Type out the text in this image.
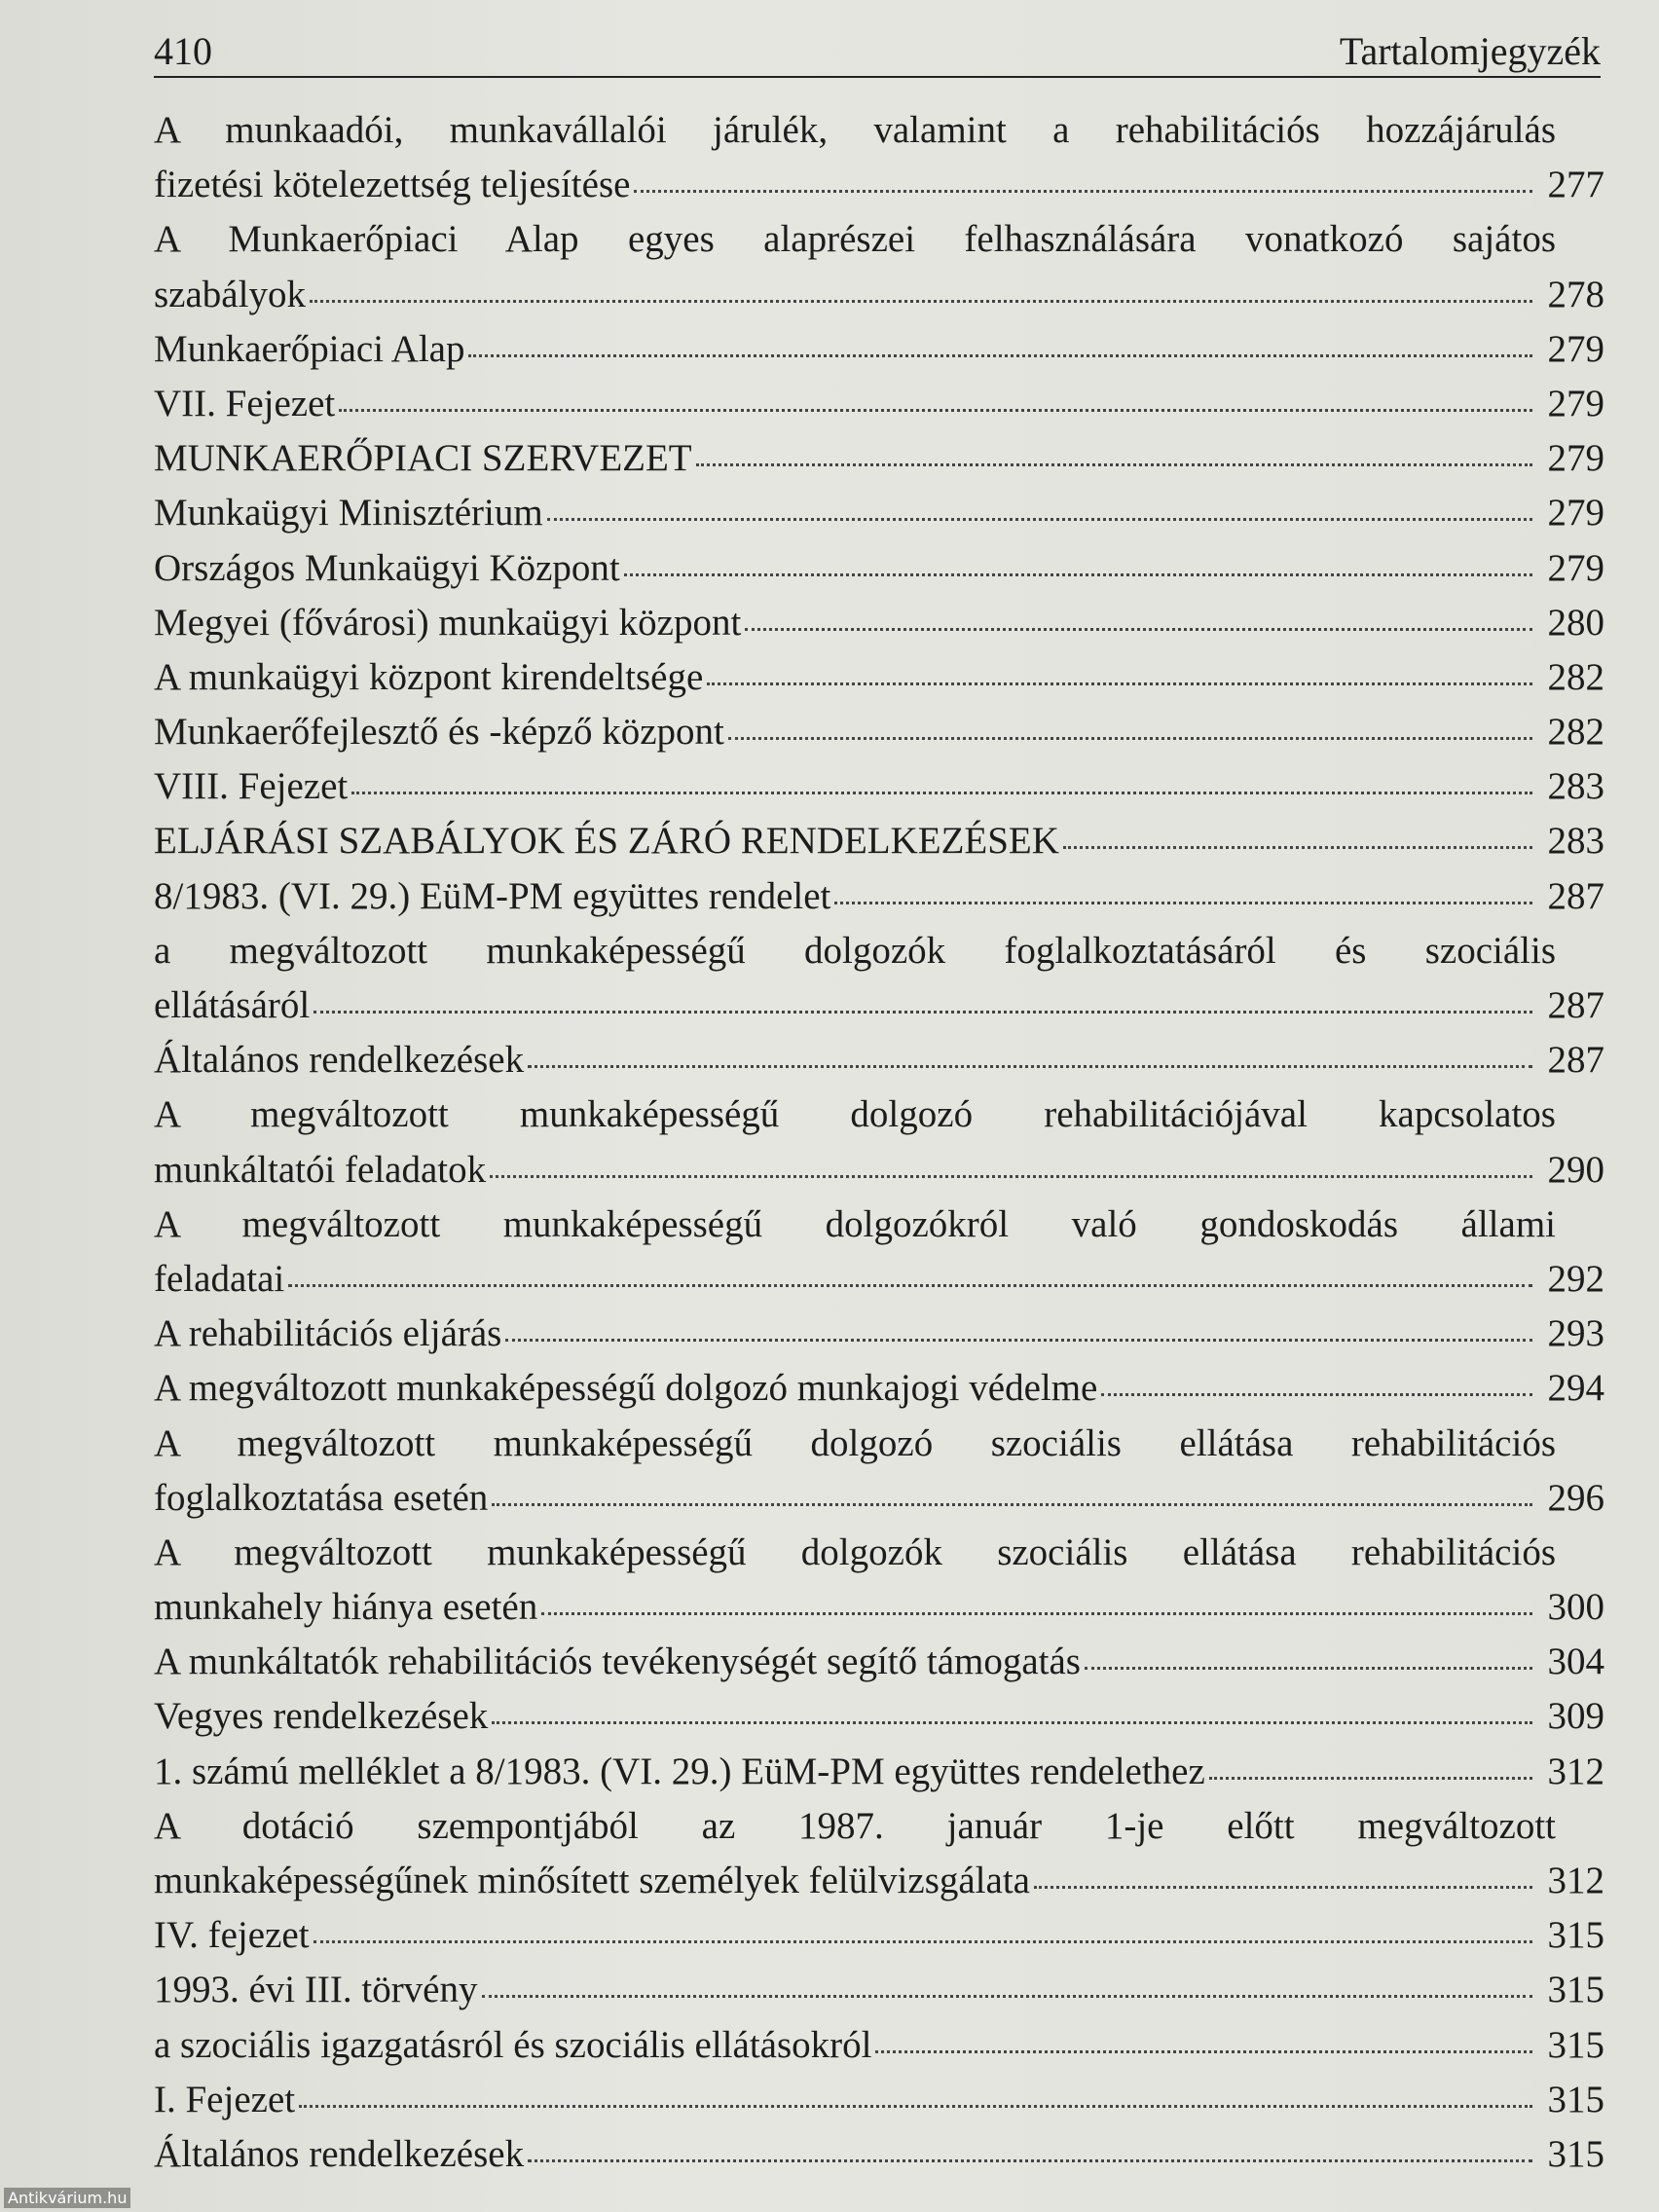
410	Tartalomjegyzék
A munkaadói, munkavállalói járulék, valamint a rehabilitációs hozzájárulás
fizetési kötelezettség teljesítése	277
A Munkaerőpiaci Alap egyes alaprészei felhasználására vonatkozó sajátos
szabályok	278
Munkaerőpiaci Alap	279
VII. Fejezet	279
MUNKAERŐPIACI SZERVEZET	279
Munkaügyi Minisztérium	279
Országos Munkaügyi Központ	279
Megyei (fővárosi) munkaügyi központ	280
A munkaügyi központ kirendeltsége	282
Munkaerőfejlesztő és -képző központ	282
VIII. Fejezet	283
ELJÁRÁSI SZABÁLYOK ÉS ZÁRÓ RENDELKEZÉSEK	283
8/1983. (VI. 29.) EüM-PM együttes rendelet	287
a megváltozott munkaképességű dolgozók foglalkoztatásáról és szociális
ellátásáról	287
Általános rendelkezések	287
A megváltozott munkaképességű dolgozó rehabilitációjával kapcsolatos
munkáltatói feladatok	290
A megváltozott munkaképességű dolgozókról való gondoskodás állami
feladatai	292
A rehabilitációs eljárás	293
A megváltozott munkaképességű dolgozó munkajogi védelme	294
A megváltozott munkaképességű dolgozó szociális ellátása rehabilitációs
foglalkoztatása esetén	296
A megváltozott munkaképességű dolgozók szociális ellátása rehabilitációs
munkahely hiánya esetén	300
A munkáltatók rehabilitációs tevékenységét segítő támogatás	304
Vegyes rendelkezések	309
1. számú melléklet a 8/1983. (VI. 29.) EüM-PM együttes rendelethez	312
A dotáció szempontjából az 1987. január 1-je előtt megváltozott
munkaképességűnek minősített személyek felülvizsgálata	312
IV. fejezet	315
1993. évi III. törvény	315
a szociális igazgatásról és szociális ellátásokról	315
I. Fejezet	315
Általános rendelkezések	315
Antikvárium.hu
